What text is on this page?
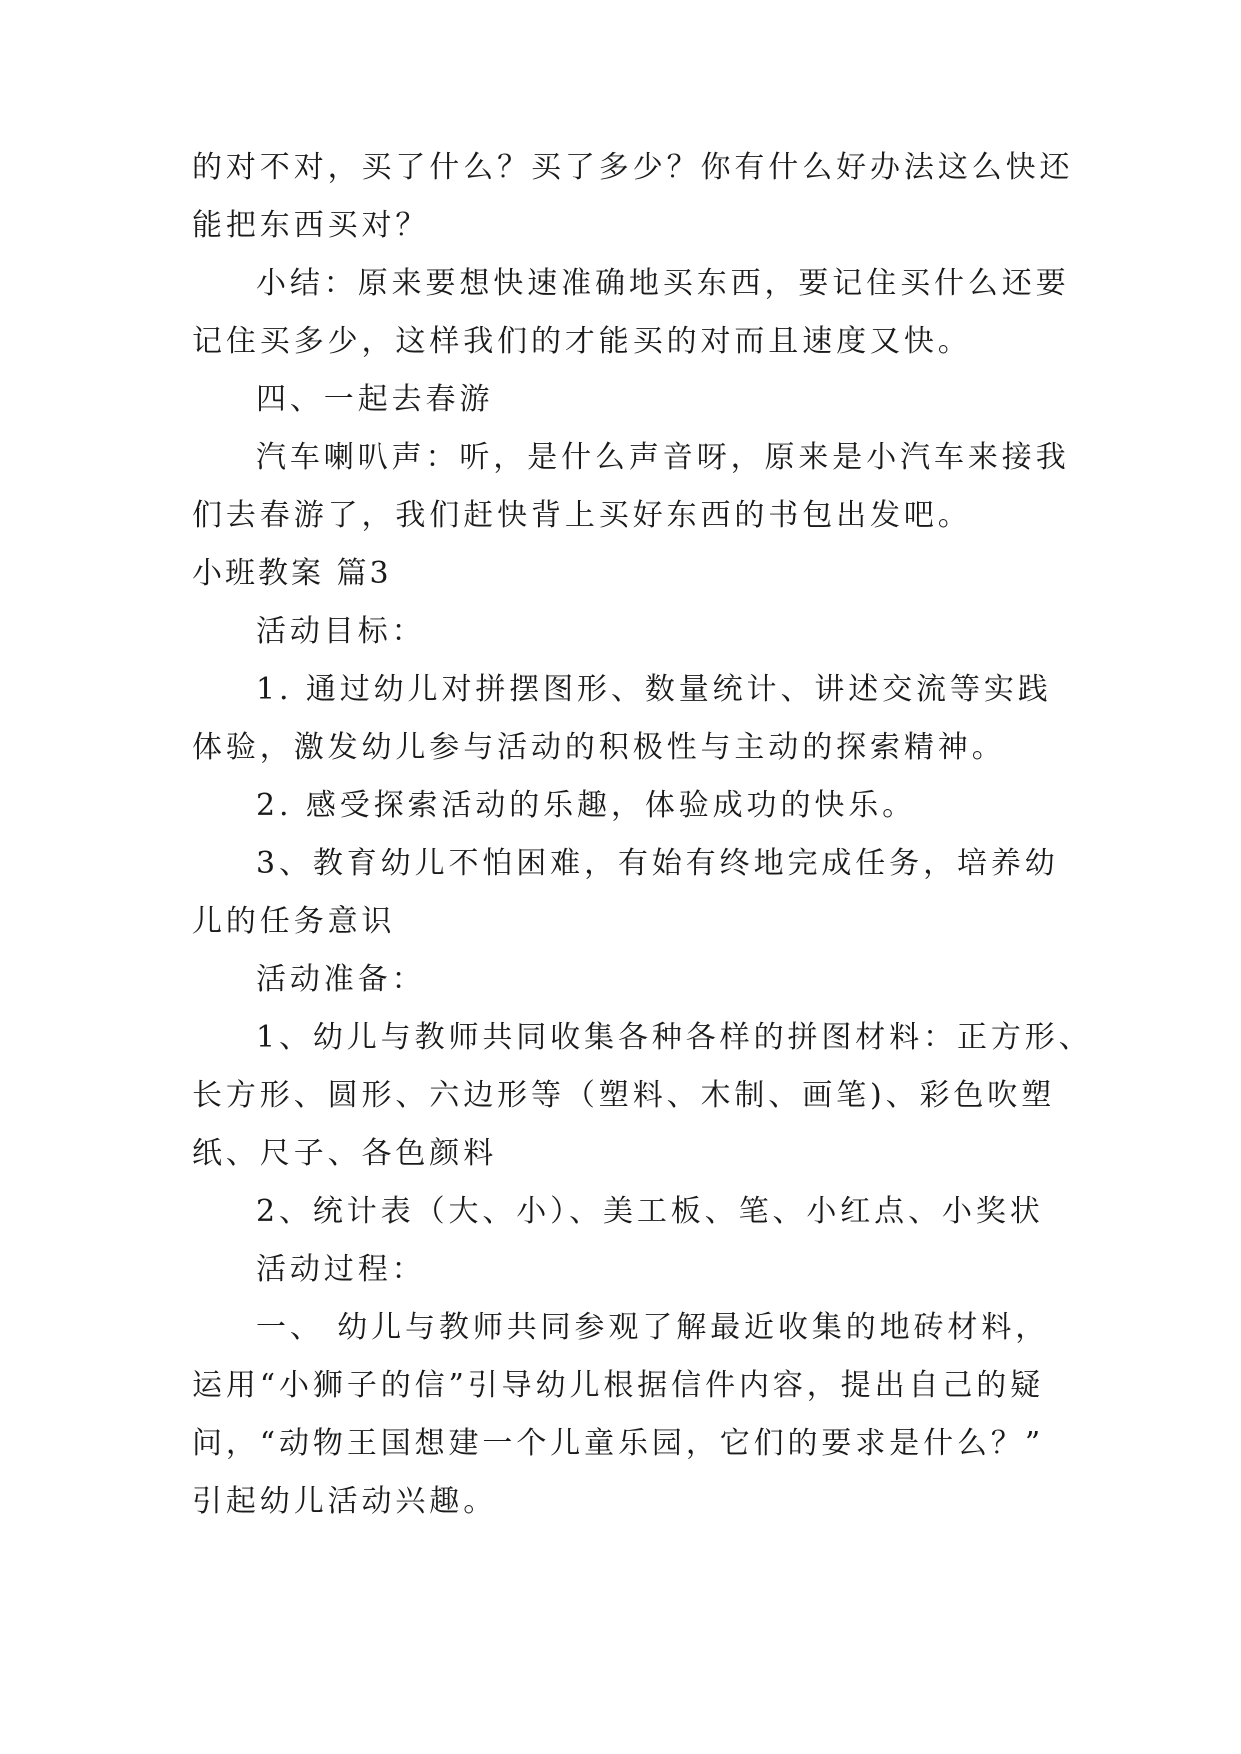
的对不对，买了什么？买了多少？你有什么好办法这么快还
能把东西买对？
小结：原来要想快速准确地买东西，要记住买什么还要
记住买多少，这样我们的才能买的对而且速度又快。
四、一起去春游
汽车喇叭声：听，是什么声音呀，原来是小汽车来接我
们去春游了，我们赶快背上买好东西的书包出发吧。
小班教案 篇3
活动目标：
1. 通过幼儿对拼摆图形、数量统计、讲述交流等实践
体验，激发幼儿参与活动的积极性与主动的探索精神。
2. 感受探索活动的乐趣，体验成功的快乐。
3、教育幼儿不怕困难，有始有终地完成任务，培养幼
儿的任务意识
活动准备：
1、幼儿与教师共同收集各种各样的拼图材料：正方形、
长方形、圆形、六边形等（塑料、木制、画笔)、彩色吹塑
纸、尺子、各色颜料
2、统计表（大、小）、美工板、笔、小红点、小奖状
活动过程：
一、 幼儿与教师共同参观了解最近收集的地砖材料，
运用“小狮子的信”引导幼儿根据信件内容，提出自己的疑
问，“动物王国想建一个儿童乐园，它们的要求是什么？”
引起幼儿活动兴趣。
